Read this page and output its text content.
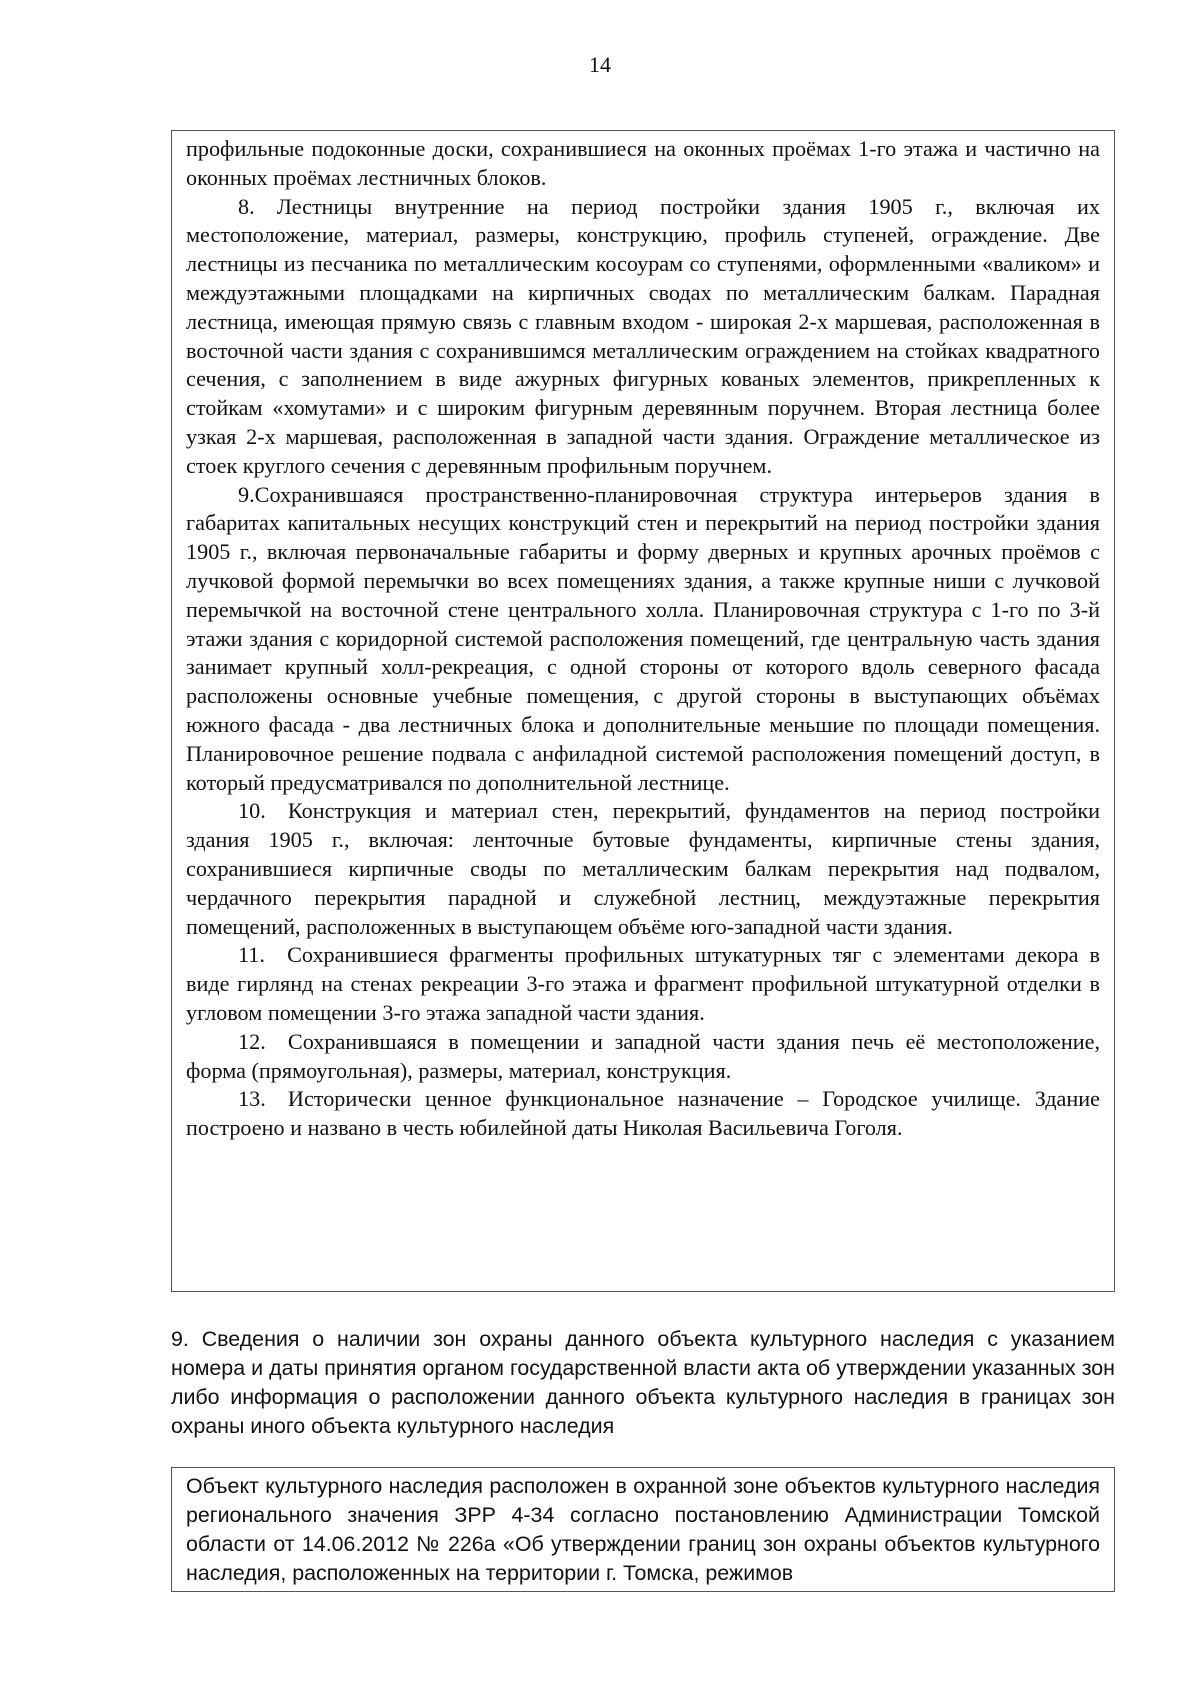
14

профильные подоконные доски, сохранившиеся на оконных проёмах 1-го этажа и частично на оконных проёмах лестничных блоков.

8. Лестницы внутренние на период постройки здания 1905 г., включая их местоположение, материал, размеры, конструкцию, профиль ступеней, ограждение. Две лестницы из песчаника по металлическим косоурам со ступенями, оформленными «валиком» и междуэтажными площадками на кирпичных сводах по металлическим балкам. Парадная лестница, имеющая прямую связь с главным входом - широкая 2-х маршевая, расположенная в восточной части здания с сохранившимся металлическим ограждением на стойках квадратного сечения, с заполнением в виде ажурных фигурных кованых элементов, прикрепленных к стойкам «хомутами» и с широким фигурным деревянным поручнем. Вторая лестница более узкая 2-х маршевая, расположенная в западной части здания. Ограждение металлическое из стоек круглого сечения с деревянным профильным поручнем.

9.Сохранившаяся пространственно-планировочная структура интерьеров здания в габаритах капитальных несущих конструкций стен и перекрытий на период постройки здания 1905 г., включая первоначальные габариты и форму дверных и крупных арочных проёмов с лучковой формой перемычки во всех помещениях здания, а также крупные ниши с лучковой перемычкой на восточной стене центрального холла. Планировочная структура с 1-го по 3-й этажи здания с коридорной системой расположения помещений, где центральную часть здания занимает крупный холл-рекреация, с одной стороны от которого вдоль северного фасада расположены основные учебные помещения, с другой стороны в выступающих объёмах южного фасада - два лестничных блока и дополнительные меньшие по площади помещения. Планировочное решение подвала с анфиладной системой расположения помещений доступ, в который предусматривался по дополнительной лестнице.

10. Конструкция и материал стен, перекрытий, фундаментов на период постройки здания 1905 г., включая: ленточные бутовые фундаменты, кирпичные стены здания, сохранившиеся кирпичные своды по металлическим балкам перекрытия над подвалом, чердачного перекрытия парадной и служебной лестниц, междуэтажные перекрытия помещений, расположенных в выступающем объёме юго-западной части здания.

11. Сохранившиеся фрагменты профильных штукатурных тяг с элементами декора в виде гирлянд на стенах рекреации 3-го этажа и фрагмент профильной штукатурной отделки в угловом помещении 3-го этажа западной части здания.

12. Сохранившаяся в помещении и западной части здания печь её местоположение, форма (прямоугольная), размеры, материал, конструкция.

13. Исторически ценное функциональное назначение – Городское училище. Здание построено и названо в честь юбилейной даты Николая Васильевича Гоголя.

9. Сведения о наличии зон охраны данного объекта культурного наследия с указанием номера и даты принятия органом государственной власти акта об утверждении указанных зон либо информация о расположении данного объекта культурного наследия в границах зон охраны иного объекта культурного наследия

Объект культурного наследия расположен в охранной зоне объектов культурного наследия регионального значения ЗРР 4-34 согласно постановлению Администрации Томской области от 14.06.2012 № 226а «Об утверждении границ зон охраны объектов культурного наследия, расположенных на территории г. Томска, режимов
